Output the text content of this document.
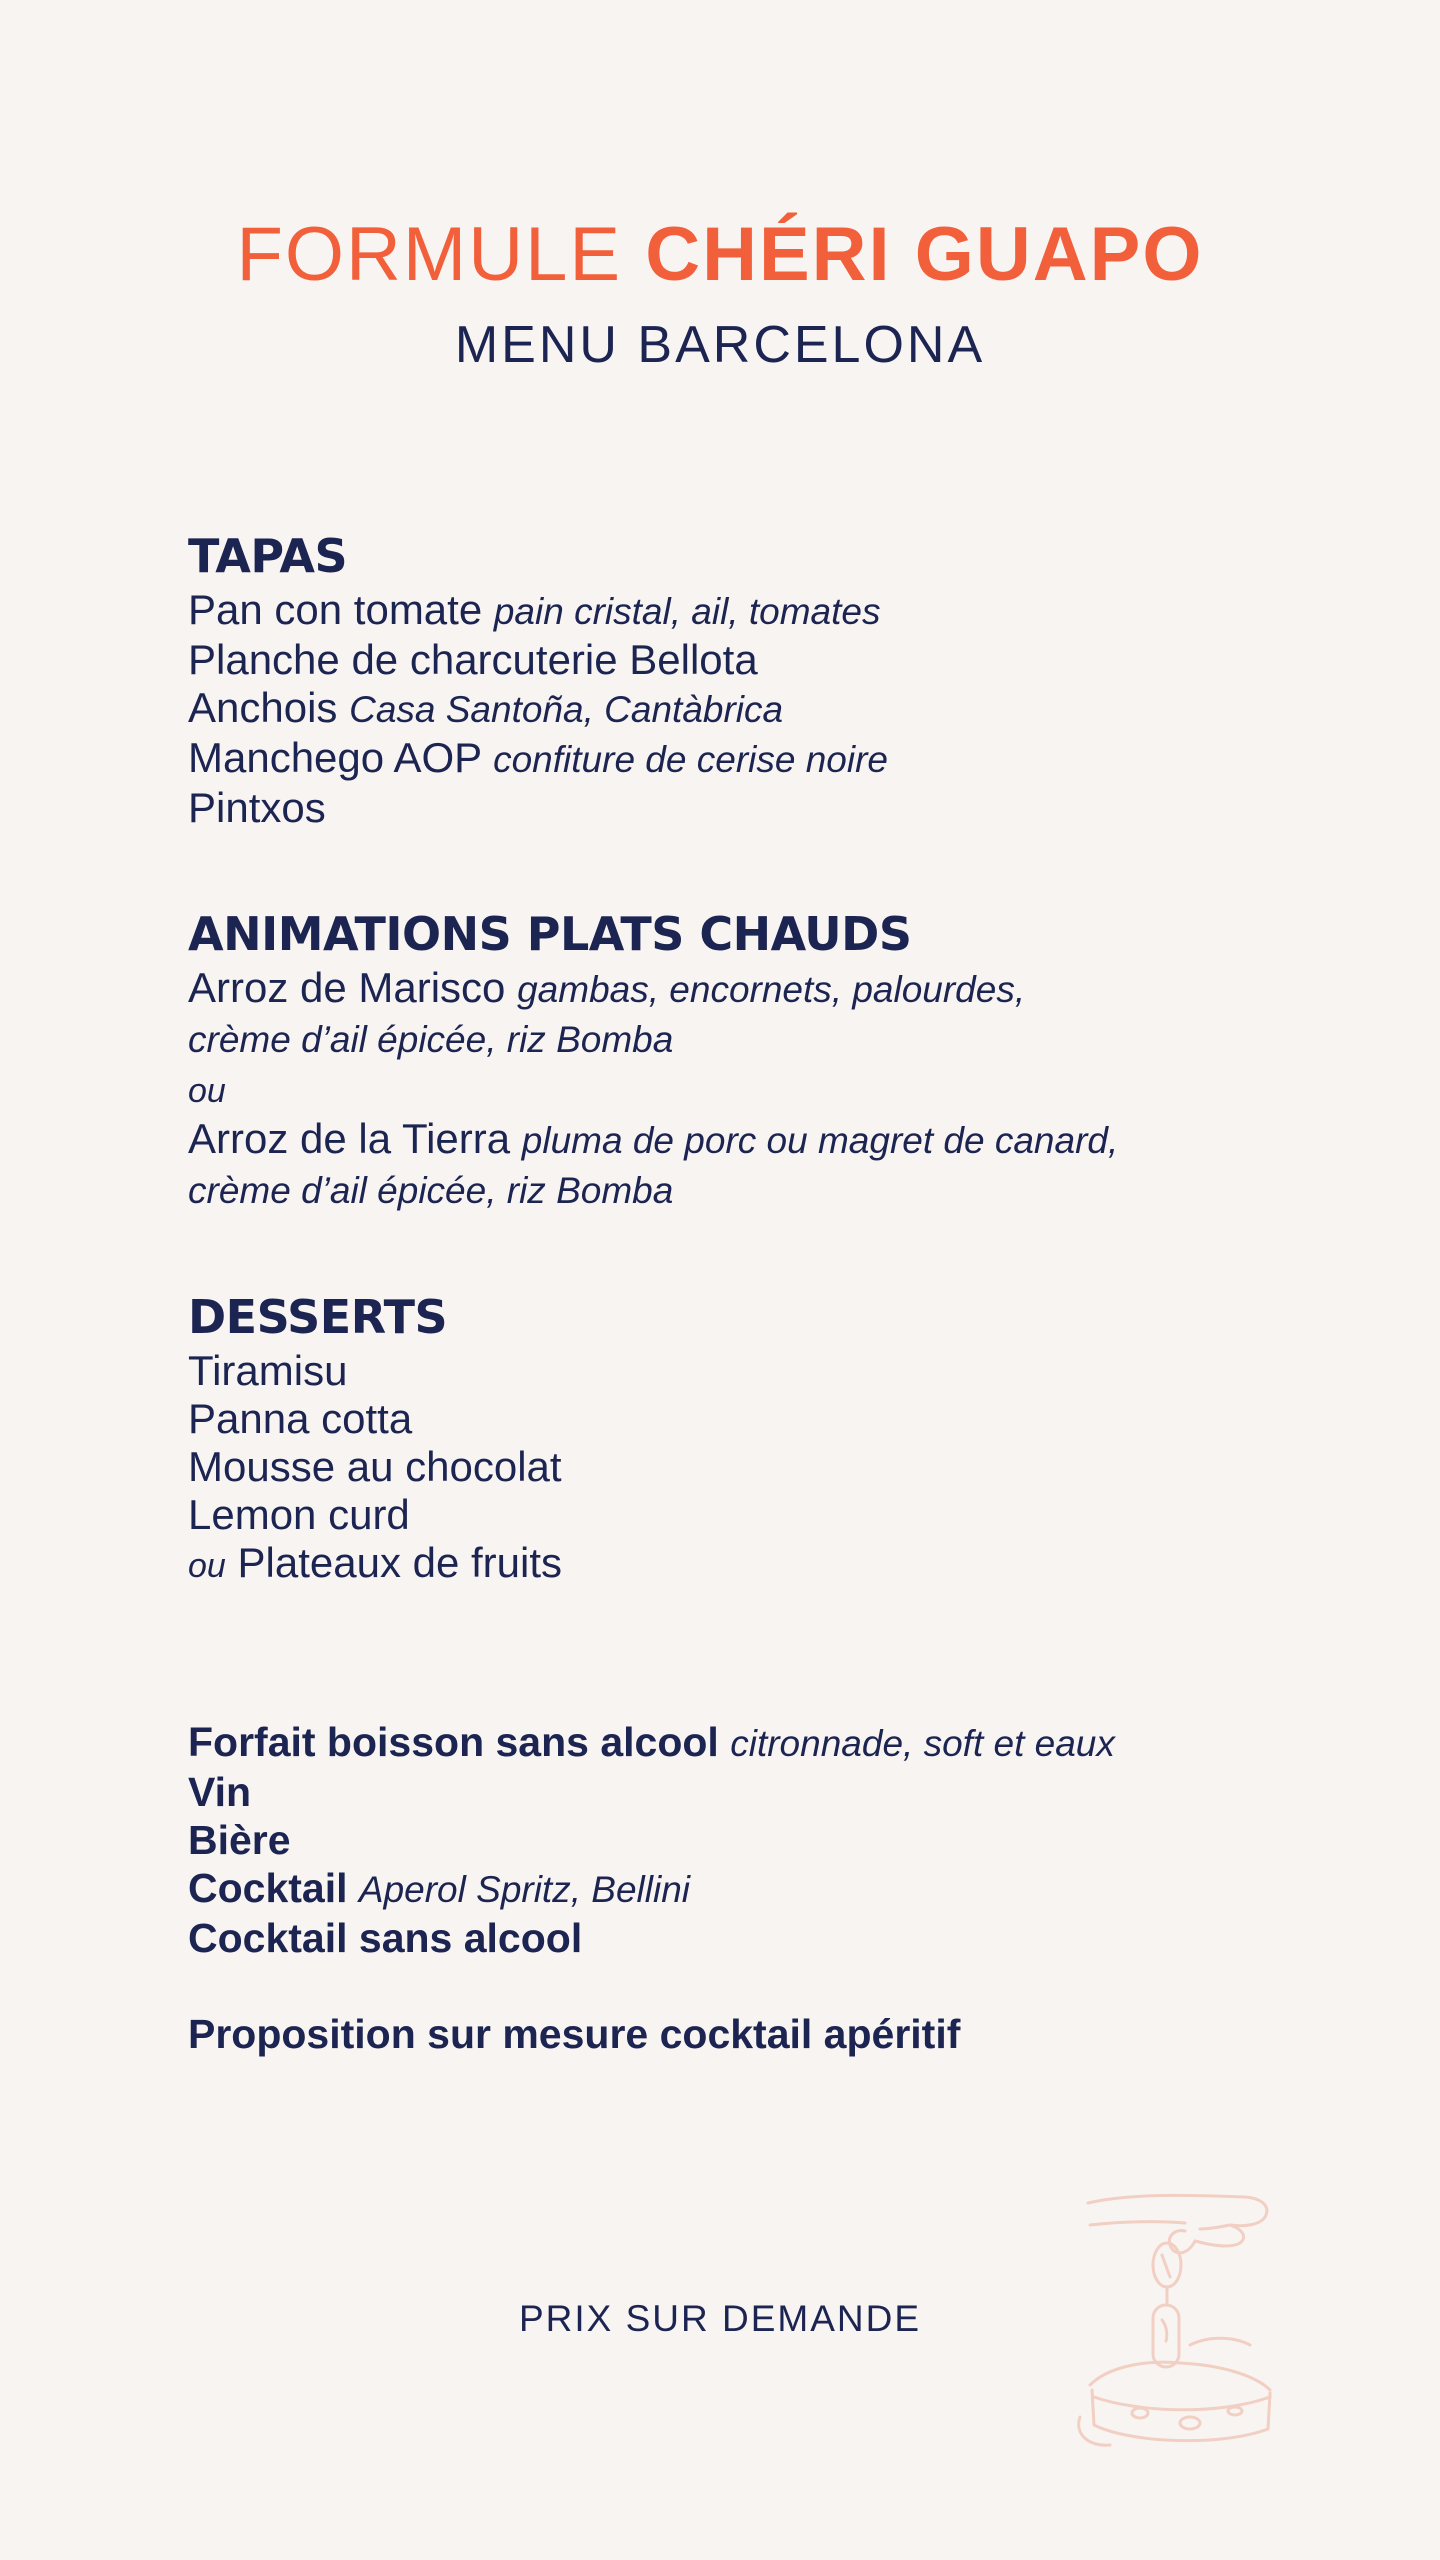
FORMULE CHÉRI GUAPO

MENU BARCELONA

TAPAS

Pan con tomate pain cristal, ail, tomates

Planche de charcuterie Bellota

Anchois Casa Santoña, Cantàbrica

Manchego AOP confiture de cerise noire

Pintxos

ANIMATIONS PLATS CHAUDS

Arroz de Marisco gambas, encornets, palourdes,

crème d’ail épicée, riz Bomba

ou

Arroz de la Tierra pluma de porc ou magret de canard,

crème d’ail épicée, riz Bomba

DESSERTS

Tiramisu

Panna cotta

Mousse au chocolat

Lemon curd

ou Plateaux de fruits

Forfait boisson sans alcool citronnade, soft et eaux

Vin

Bière

Cocktail Aperol Spritz, Bellini

Cocktail sans alcool

Proposition sur mesure cocktail apéritif

PRIX SUR DEMANDE
